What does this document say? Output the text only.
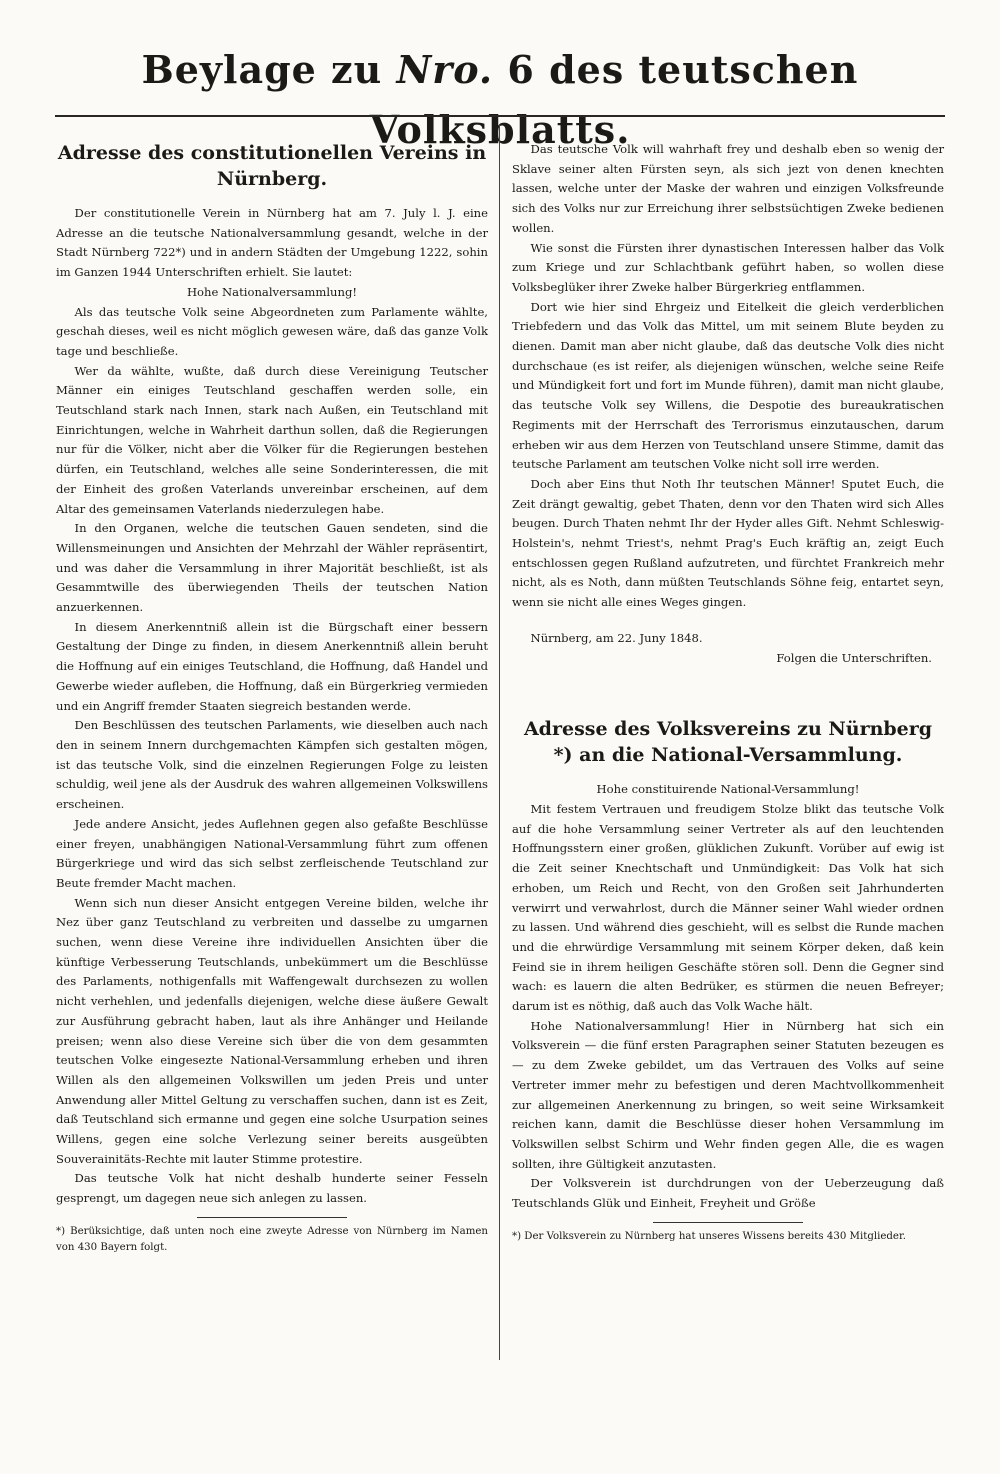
Beylage zu Nro. 6 des teutschen Volksblatts.
Adresse des constitutionellen Vereins in Nürnberg.

Der constitutionelle Verein in Nürnberg hat am 7. July l. J. eine Adresse an die teutsche Nationalversammlung gesandt, welche in der Stadt Nürnberg 722*) und in andern Städten der Umgebung 1222, sohin im Ganzen 1944 Unterschriften erhielt. Sie lautet:

Hohe Nationalversammlung!

Als das teutsche Volk seine Abgeordneten zum Parlamente wählte, geschah dieses, weil es nicht möglich gewesen wäre, daß das ganze Volk tage und beschließe.

Wer da wählte, wußte, daß durch diese Vereinigung Teutscher Männer ein einiges Teutschland geschaffen werden solle, ein Teutschland stark nach Innen, stark nach Außen, ein Teutschland mit Einrichtungen, welche in Wahrheit darthun sollen, daß die Regierungen nur für die Völker, nicht aber die Völker für die Regierungen bestehen dürfen, ein Teutschland, welches alle seine Sonderinteressen, die mit der Einheit des großen Vaterlands unvereinbar erscheinen, auf dem Altar des gemeinsamen Vaterlands niederzulegen habe.

In den Organen, welche die teutschen Gauen sendeten, sind die Willensmeinungen und Ansichten der Mehrzahl der Wähler repräsentirt, und was daher die Versammlung in ihrer Majorität beschließt, ist als Gesammtwille des überwiegenden Theils der teutschen Nation anzuerkennen.

In diesem Anerkenntniß allein ist die Bürgschaft einer bessern Gestaltung der Dinge zu finden, in diesem Anerkenntniß allein beruht die Hoffnung auf ein einiges Teutschland, die Hoffnung, daß Handel und Gewerbe wieder aufleben, die Hoffnung, daß ein Bürgerkrieg vermieden und ein Angriff fremder Staaten siegreich bestanden werde.

Den Beschlüssen des teutschen Parlaments, wie dieselben auch nach den in seinem Innern durchgemachten Kämpfen sich gestalten mögen, ist das teutsche Volk, sind die einzelnen Regierungen Folge zu leisten schuldig, weil jene als der Ausdruk des wahren allgemeinen Volkswillens erscheinen.

Jede andere Ansicht, jedes Auflehnen gegen also gefaßte Beschlüsse einer freyen, unabhängigen National-Versammlung führt zum offenen Bürgerkriege und wird das sich selbst zerfleischende Teutschland zur Beute fremder Macht machen.

Wenn sich nun dieser Ansicht entgegen Vereine bilden, welche ihr Nez über ganz Teutschland zu verbreiten und dasselbe zu umgarnen suchen, wenn diese Vereine ihre individuellen Ansichten über die künftige Verbesserung Teutschlands, unbekümmert um die Beschlüsse des Parlaments, nothigenfalls mit Waffengewalt durchsezen zu wollen nicht verhehlen, und jedenfalls diejenigen, welche diese äußere Gewalt zur Ausführung gebracht haben, laut als ihre Anhänger und Heilande preisen; wenn also diese Vereine sich über die von dem gesammten teutschen Volke eingesezte National-Versammlung erheben und ihren Willen als den allgemeinen Volkswillen um jeden Preis und unter Anwendung aller Mittel Geltung zu verschaffen suchen, dann ist es Zeit, daß Teutschland sich ermanne und gegen eine solche Usurpation seines Willens, gegen eine solche Verlezung seiner bereits ausgeübten Souverainitäts-Rechte mit lauter Stimme protestire.

Das teutsche Volk hat nicht deshalb hunderte seiner Fesseln gesprengt, um dagegen neue sich anlegen zu lassen.

*) Berüksichtige, daß unten noch eine zweyte Adresse von Nürnberg im Namen von 430 Bayern folgt.

Das teutsche Volk will wahrhaft frey und deshalb eben so wenig der Sklave seiner alten Fürsten seyn, als sich jezt von denen knechten lassen, welche unter der Maske der wahren und einzigen Volksfreunde sich des Volks nur zur Erreichung ihrer selbstsüchtigen Zweke bedienen wollen.

Wie sonst die Fürsten ihrer dynastischen Interessen halber das Volk zum Kriege und zur Schlachtbank geführt haben, so wollen diese Volksbeglüker ihrer Zweke halber Bürgerkrieg entflammen.

Dort wie hier sind Ehrgeiz und Eitelkeit die gleich verderblichen Triebfedern und das Volk das Mittel, um mit seinem Blute beyden zu dienen. Damit man aber nicht glaube, daß das deutsche Volk dies nicht durchschaue (es ist reifer, als diejenigen wünschen, welche seine Reife und Mündigkeit fort und fort im Munde führen), damit man nicht glaube, das teutsche Volk sey Willens, die Despotie des bureaukratischen Regiments mit der Herrschaft des Terrorismus einzutauschen, darum erheben wir aus dem Herzen von Teutschland unsere Stimme, damit das teutsche Parlament am teutschen Volke nicht soll irre werden.

Doch aber Eins thut Noth Ihr teutschen Männer! Sputet Euch, die Zeit drängt gewaltig, gebet Thaten, denn vor den Thaten wird sich Alles beugen. Durch Thaten nehmt Ihr der Hyder alles Gift. Nehmt Schleswig-Holstein's, nehmt Triest's, nehmt Prag's Euch kräftig an, zeigt Euch entschlossen gegen Rußland aufzutreten, und fürchtet Frankreich mehr nicht, als es Noth, dann müßten Teutschlands Söhne feig, entartet seyn, wenn sie nicht alle eines Weges gingen.

Nürnberg, am 22. Juny 1848.

Folgen die Unterschriften.

Adresse des Volksvereins zu Nürnberg *) an die National-Versammlung.

Hohe constituirende National-Versammlung!

Mit festem Vertrauen und freudigem Stolze blikt das teutsche Volk auf die hohe Versammlung seiner Vertreter als auf den leuchtenden Hoffnungsstern einer großen, glüklichen Zukunft. Vorüber auf ewig ist die Zeit seiner Knechtschaft und Unmündigkeit: Das Volk hat sich erhoben, um Reich und Recht, von den Großen seit Jahrhunderten verwirrt und verwahrlost, durch die Männer seiner Wahl wieder ordnen zu lassen. Und während dies geschieht, will es selbst die Runde machen und die ehrwürdige Versammlung mit seinem Körper deken, daß kein Feind sie in ihrem heiligen Geschäfte stören soll. Denn die Gegner sind wach: es lauern die alten Bedrüker, es stürmen die neuen Befreyer; darum ist es nöthig, daß auch das Volk Wache hält.

Hohe Nationalversammlung! Hier in Nürnberg hat sich ein Volksverein — die fünf ersten Paragraphen seiner Statuten bezeugen es — zu dem Zweke gebildet, um das Vertrauen des Volks auf seine Vertreter immer mehr zu befestigen und deren Machtvollkommenheit zur allgemeinen Anerkennung zu bringen, so weit seine Wirksamkeit reichen kann, damit die Beschlüsse dieser hohen Versammlung im Volkswillen selbst Schirm und Wehr finden gegen Alle, die es wagen sollten, ihre Gültigkeit anzutasten.

Der Volksverein ist durchdrungen von der Ueberzeugung daß Teutschlands Glük und Einheit, Freyheit und Größe

*) Der Volksverein zu Nürnberg hat unseres Wissens bereits 430 Mitglieder.
